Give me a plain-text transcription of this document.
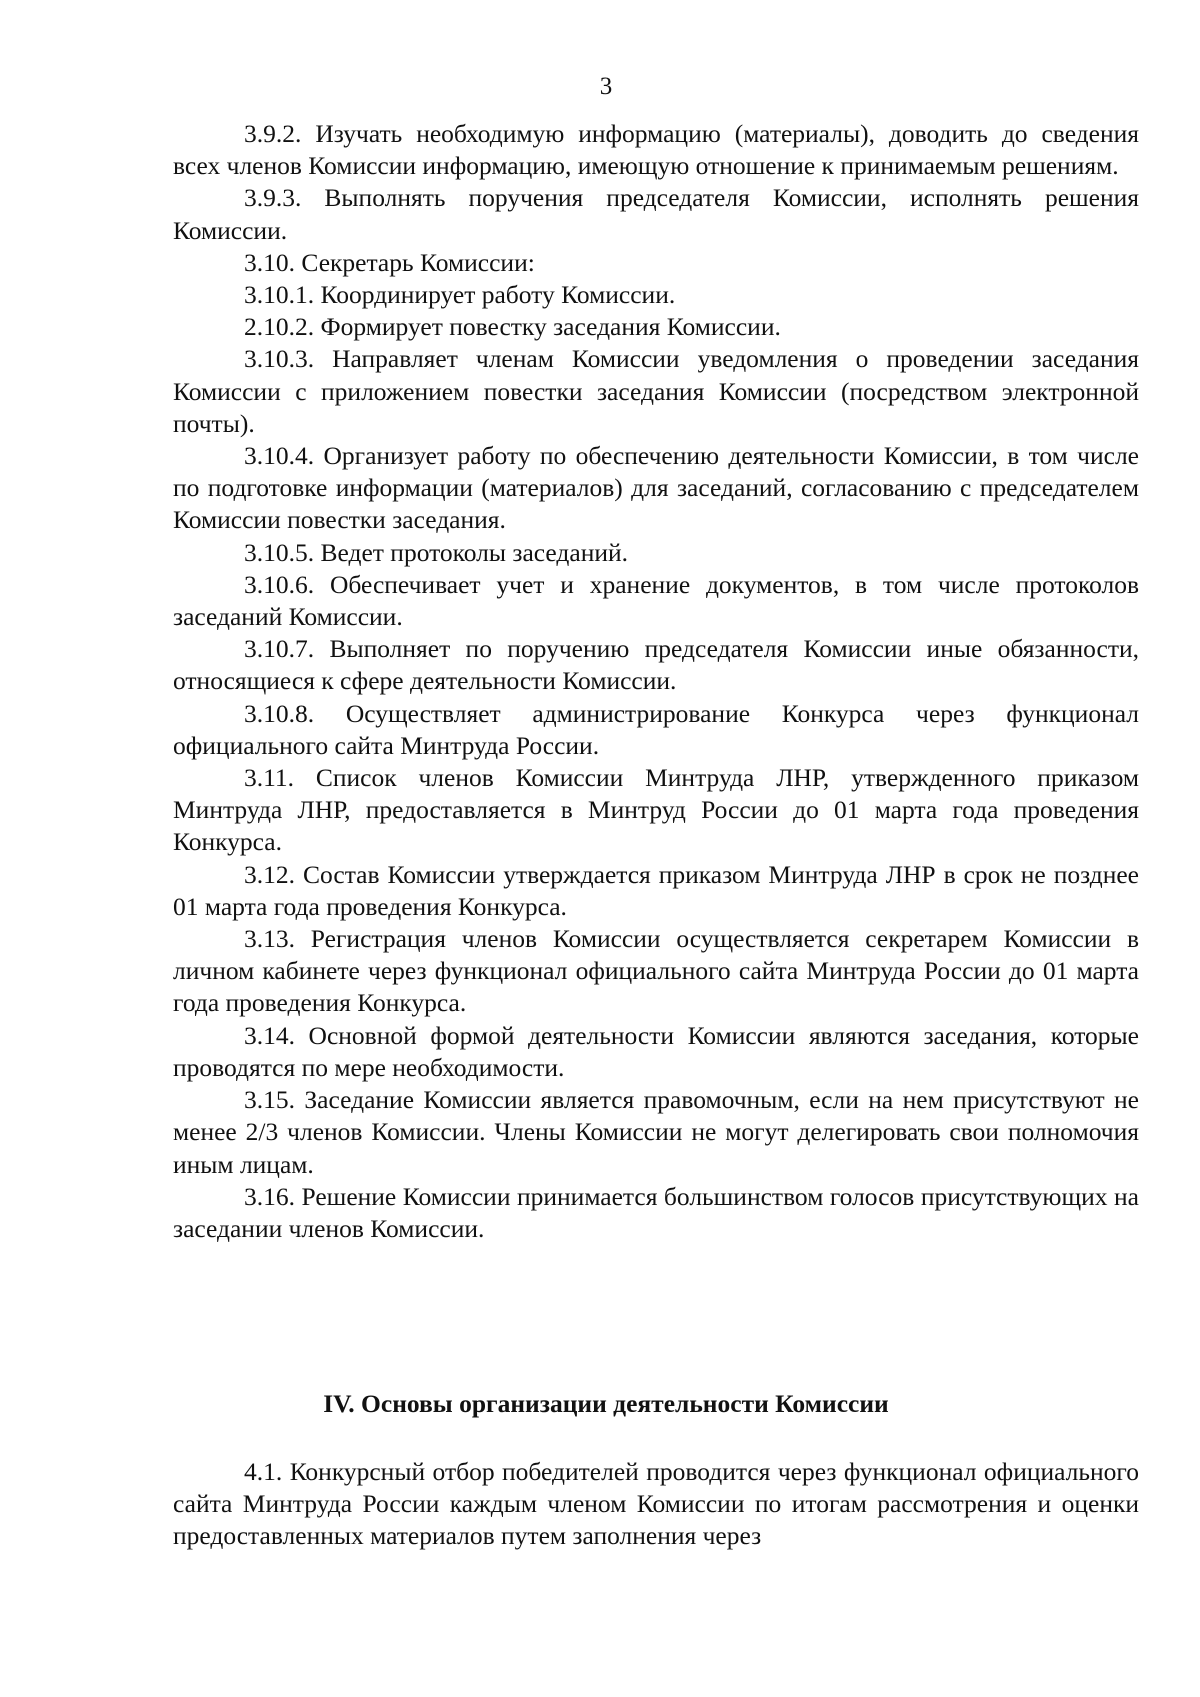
3

3.9.2. Изучать необходимую информацию (материалы), доводить до сведения всех членов Комиссии информацию, имеющую отношение к принимаемым решениям.

3.9.3. Выполнять поручения председателя Комиссии, исполнять решения Комиссии.

3.10. Секретарь Комиссии:

3.10.1. Координирует работу Комиссии.

2.10.2. Формирует повестку заседания Комиссии.

3.10.3. Направляет членам Комиссии уведомления о проведении заседания Комиссии с приложением повестки заседания Комиссии (посредством электронной почты).

3.10.4. Организует работу по обеспечению деятельности Комиссии, в том числе по подготовке информации (материалов) для заседаний, согласованию с председателем Комиссии повестки заседания.

3.10.5. Ведет протоколы заседаний.

3.10.6. Обеспечивает учет и хранение документов, в том числе протоколов заседаний Комиссии.

3.10.7. Выполняет по поручению председателя Комиссии иные обязанности, относящиеся к сфере деятельности Комиссии.

3.10.8. Осуществляет администрирование Конкурса через функционал официального сайта Минтруда России.

3.11. Список членов Комиссии Минтруда ЛНР, утвержденного приказом Минтруда ЛНР, предоставляется в Минтруд России до 01 марта года проведения Конкурса.

3.12. Состав Комиссии утверждается приказом Минтруда ЛНР в срок не позднее 01 марта года проведения Конкурса.

3.13. Регистрация членов Комиссии осуществляется секретарем Комиссии в личном кабинете через функционал официального сайта Минтруда России до 01 марта года проведения Конкурса.

3.14. Основной формой деятельности Комиссии являются заседания, которые проводятся по мере необходимости.

3.15. Заседание Комиссии является правомочным, если на нем присутствуют не менее 2/3 членов Комиссии. Члены Комиссии не могут делегировать свои полномочия иным лицам.

3.16. Решение Комиссии принимается большинством голосов присутствующих на заседании членов Комиссии.

IV. Основы организации деятельности Комиссии

4.1. Конкурсный отбор победителей проводится через функционал официального сайта Минтруда России каждым членом Комиссии по итогам рассмотрения и оценки предоставленных материалов путем заполнения через
